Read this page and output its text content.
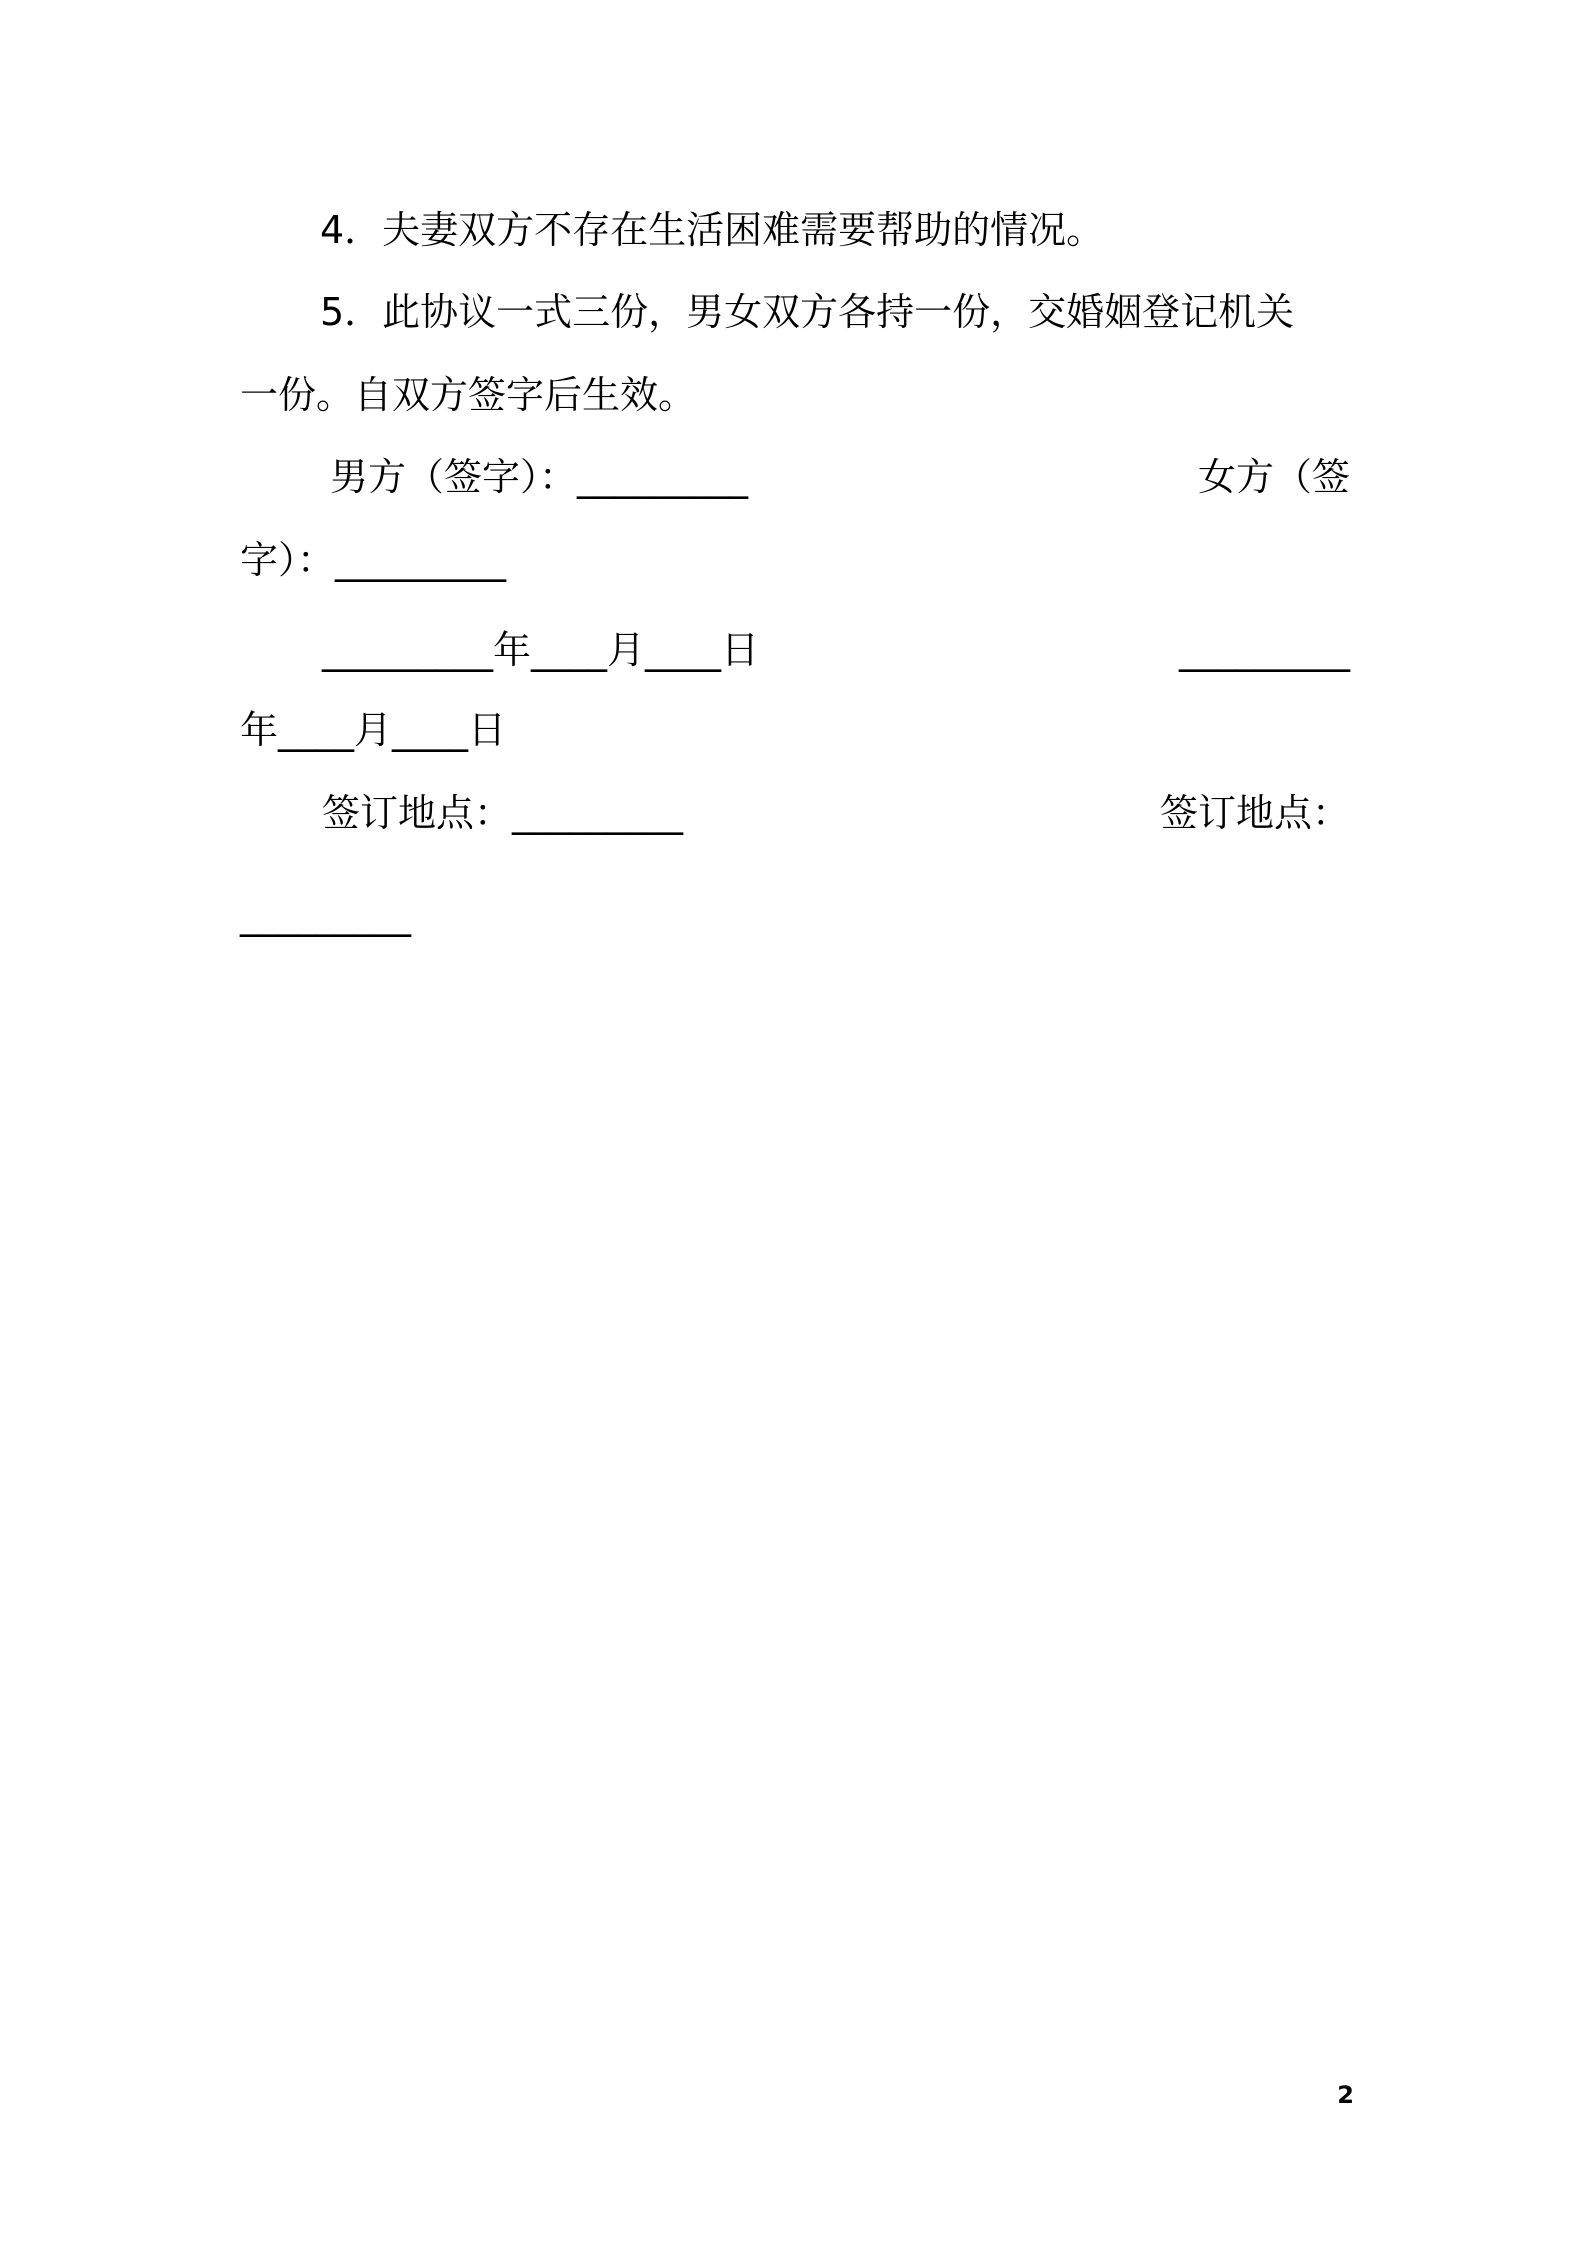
4．夫妻双方不存在生活困难需要帮助的情况。
5．此协议一式三份，男女双方各持一份，交婚姻登记机关
一份。自双方签字后生效。
男方（签字）：_________	女方（签
字）：_________
_________年____月____日	_________
年____月____日
签订地点：_________	签订地点：
_________
2
